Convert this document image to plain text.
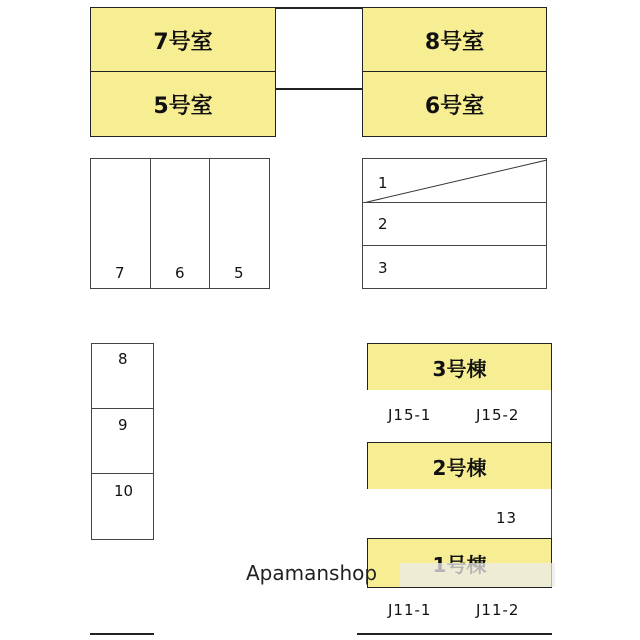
7号室
5号室
8号室
6号室
7	6	5
1
2
3
8
9
10
3号棟
J15-1	J15-2
2号棟
13
J11-1	J11-2
Apamanshop
